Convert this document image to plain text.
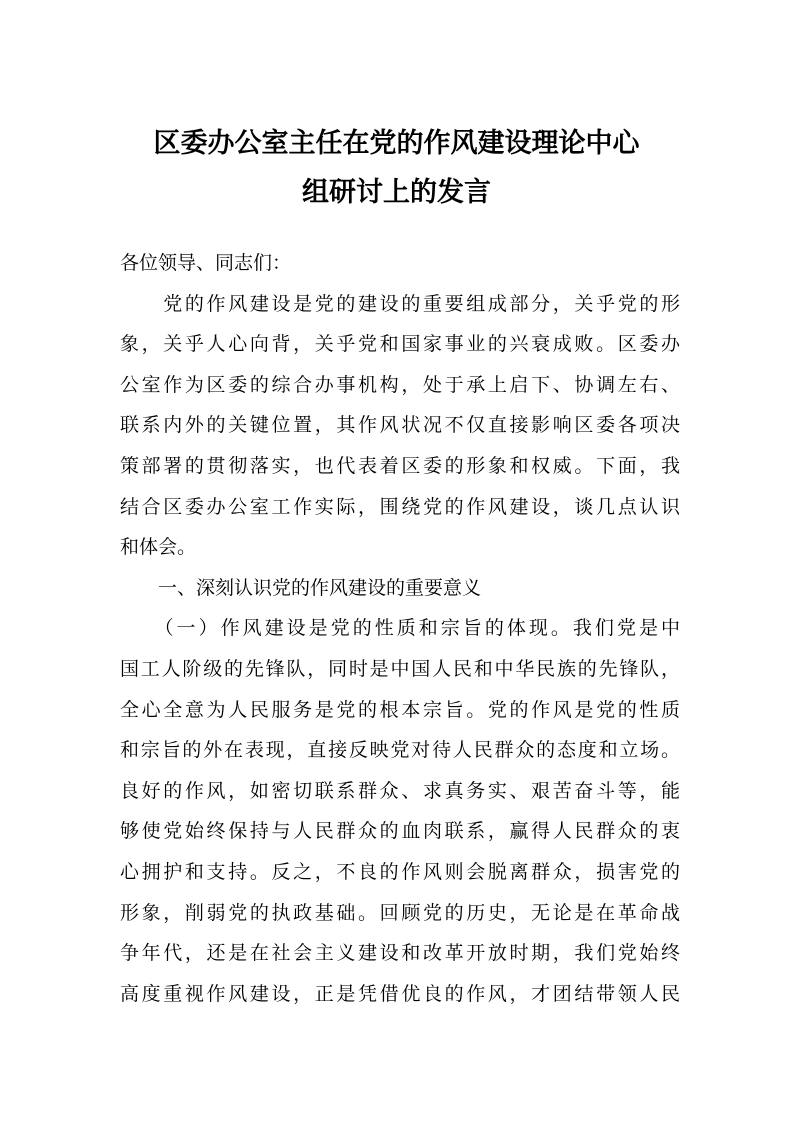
区委办公室主任在党的作风建设理论中心
组研讨上的发言
各位领导、同志们：
　　党的作风建设是党的建设的重要组成部分，关乎党的形
象，关乎人心向背，关乎党和国家事业的兴衰成败。区委办
公室作为区委的综合办事机构，处于承上启下、协调左右、
联系内外的关键位置，其作风状况不仅直接影响区委各项决
策部署的贯彻落实，也代表着区委的形象和权威。下面，我
结合区委办公室工作实际，围绕党的作风建设，谈几点认识
和体会。
　　一、深刻认识党的作风建设的重要意义
　　（一）作风建设是党的性质和宗旨的体现。我们党是中
国工人阶级的先锋队，同时是中国人民和中华民族的先锋队，
全心全意为人民服务是党的根本宗旨。党的作风是党的性质
和宗旨的外在表现，直接反映党对待人民群众的态度和立场。
良好的作风，如密切联系群众、求真务实、艰苦奋斗等，能
够使党始终保持与人民群众的血肉联系，赢得人民群众的衷
心拥护和支持。反之，不良的作风则会脱离群众，损害党的
形象，削弱党的执政基础。回顾党的历史，无论是在革命战
争年代，还是在社会主义建设和改革开放时期，我们党始终
高度重视作风建设，正是凭借优良的作风，才团结带领人民
